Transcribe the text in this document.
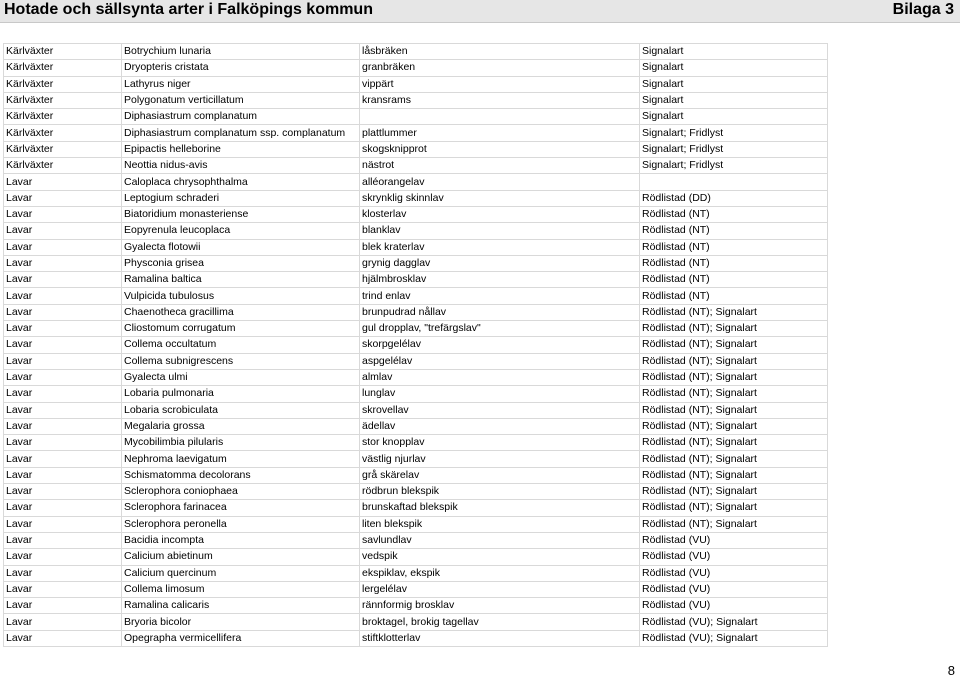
Hotade och sällsynta arter i Falköpings kommun	Bilaga 3
Kärlväxter	Botrychium lunaria	låsbräken	Signalart
Kärlväxter	Dryopteris cristata	granbräken	Signalart
Kärlväxter	Lathyrus niger	vippärt	Signalart
Kärlväxter	Polygonatum verticillatum	kransrams	Signalart
Kärlväxter	Diphasiastrum complanatum		Signalart
Kärlväxter	Diphasiastrum complanatum ssp. complanatum	plattlummer	Signalart; Fridlyst
Kärlväxter	Epipactis helleborine	skogsknipprot	Signalart; Fridlyst
Kärlväxter	Neottia nidus-avis	nästrot	Signalart; Fridlyst
Lavar	Caloplaca chrysophthalma	alléorangelav	
Lavar	Leptogium schraderi	skrynklig skinnlav	Rödlistad (DD)
Lavar	Biatoridium monasteriense	klosterlav	Rödlistad (NT)
Lavar	Eopyrenula leucoplaca	blanklav	Rödlistad (NT)
Lavar	Gyalecta flotowii	blek kraterlav	Rödlistad (NT)
Lavar	Physconia grisea	grynig dagglav	Rödlistad (NT)
Lavar	Ramalina baltica	hjälmbrosklav	Rödlistad (NT)
Lavar	Vulpicida tubulosus	trind enlav	Rödlistad (NT)
Lavar	Chaenotheca gracillima	brunpudrad nållav	Rödlistad (NT); Signalart
Lavar	Cliostomum corrugatum	gul dropplav, "trefärgslav"	Rödlistad (NT); Signalart
Lavar	Collema occultatum	skorpgelélav	Rödlistad (NT); Signalart
Lavar	Collema subnigrescens	aspgelélav	Rödlistad (NT); Signalart
Lavar	Gyalecta ulmi	almlav	Rödlistad (NT); Signalart
Lavar	Lobaria pulmonaria	lunglav	Rödlistad (NT); Signalart
Lavar	Lobaria scrobiculata	skrovellav	Rödlistad (NT); Signalart
Lavar	Megalaria grossa	ädellav	Rödlistad (NT); Signalart
Lavar	Mycobilimbia pilularis	stor knopplav	Rödlistad (NT); Signalart
Lavar	Nephroma laevigatum	västlig njurlav	Rödlistad (NT); Signalart
Lavar	Schismatomma decolorans	grå skärelav	Rödlistad (NT); Signalart
Lavar	Sclerophora coniophaea	rödbrun blekspik	Rödlistad (NT); Signalart
Lavar	Sclerophora farinacea	brunskaftad blekspik	Rödlistad (NT); Signalart
Lavar	Sclerophora peronella	liten blekspik	Rödlistad (NT); Signalart
Lavar	Bacidia incompta	savlundlav	Rödlistad (VU)
Lavar	Calicium abietinum	vedspik	Rödlistad (VU)
Lavar	Calicium quercinum	ekspiklav, ekspik	Rödlistad (VU)
Lavar	Collema limosum	lergelélav	Rödlistad (VU)
Lavar	Ramalina calicaris	rännformig brosklav	Rödlistad (VU)
Lavar	Bryoria bicolor	broktagel, brokig tagellav	Rödlistad (VU); Signalart
Lavar	Opegrapha vermicellifera	stiftklotterlav	Rödlistad (VU); Signalart
8
